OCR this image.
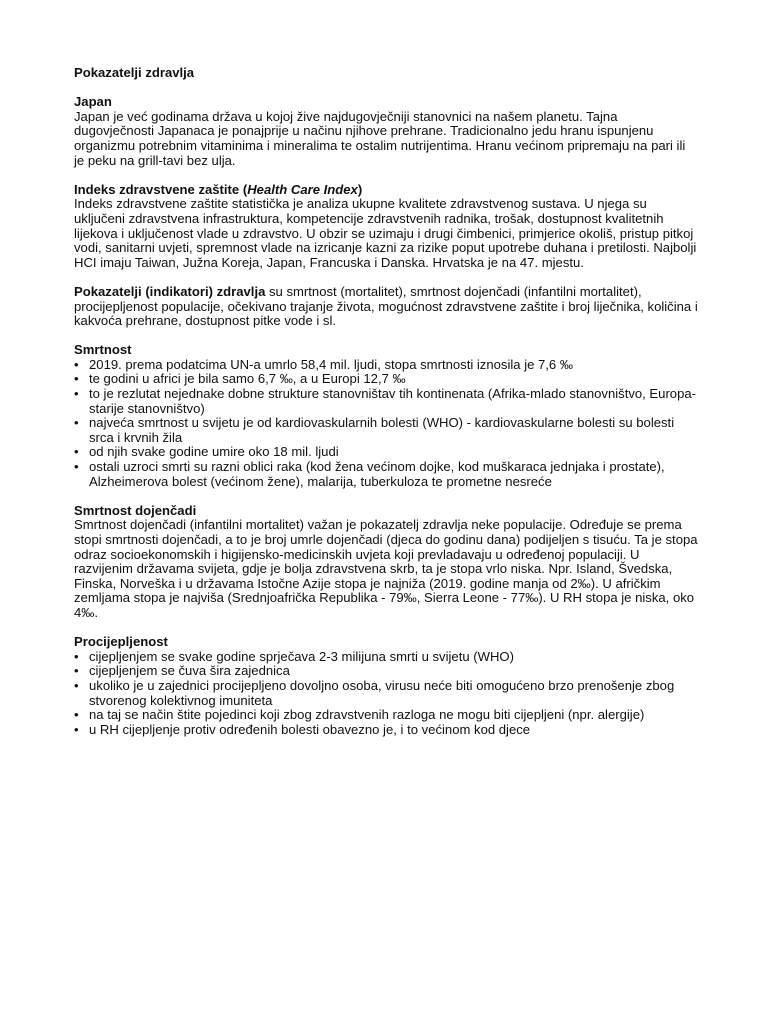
Pokazatelji zdravlja
Japan
Japan je već godinama država u kojoj žive najdugovječniji stanovnici na našem planetu. Tajna dugovječnosti Japanaca je ponajprije u načinu njihove prehrane. Tradicionalno jedu hranu ispunjenu organizmu potrebnim vitaminima i mineralima te ostalim nutrijentima. Hranu većinom pripremaju na pari ili je peku na grill-tavi bez ulja.
Indeks zdravstvene zaštite (Health Care Index)
Indeks zdravstvene zaštite statistička je analiza ukupne kvalitete zdravstvenog sustava. U njega su uključeni zdravstvena infrastruktura, kompetencije zdravstvenih radnika, trošak, dostupnost kvalitetnih lijekova i uključenost vlade u zdravstvo. U obzir se uzimaju i drugi čimbenici, primjerice okoliš, pristup pitkoj vodi, sanitarni uvjeti, spremnost vlade na izricanje kazni za rizike poput upotrebe duhana i pretilosti. Najbolji HCI imaju Taiwan, Južna Koreja, Japan, Francuska i Danska. Hrvatska je na 47. mjestu.
Pokazatelji (indikatori) zdravlja su smrtnost (mortalitet), smrtnost dojenčadi (infantilni mortalitet), procijepljenost populacije, očekivano trajanje života, mogućnost zdravstvene zaštite i broj liječnika, količina i kakvoća prehrane, dostupnost pitke vode i sl.
Smrtnost
• 2019. prema podatcima UN-a umrlo 58,4 mil. ljudi, stopa smrtnosti iznosila je 7,6 ‰
• te godini u africi je bila samo 6,7 ‰, a u Europi 12,7 ‰
• to je rezlutat nejednake dobne strukture stanovništav tih kontinenata (Afrika-mlado stanovništvo, Europa-starije stanovništvo)
• najveća smrtnost u svijetu je od kardiovaskularnih bolesti (WHO) - kardiovaskularne bolesti su bolesti srca i krvnih žila
• od njih svake godine umire oko 18 mil. ljudi
• ostali uzroci smrti su razni oblici raka (kod žena većinom dojke, kod muškaraca jednjaka i prostate), Alzheimerova bolest (većinom žene), malarija, tuberkuloza te prometne nesreće
Smrtnost dojenčadi
Smrtnost dojenčadi (infantilni mortalitet) važan je pokazatelj zdravlja neke populacije. Određuje se prema stopi smrtnosti dojenčadi, a to je broj umrle dojenčadi (djeca do godinu dana) podijeljen s tisuću. Ta je stopa odraz socioekonomskih i higijensko-medicinskih uvjeta koji prevladavaju u određenoj populaciji. U razvijenim državama svijeta, gdje je bolja zdravstvena skrb, ta je stopa vrlo niska. Npr. Island, Švedska, Finska, Norveška i u državama Istočne Azije stopa je najniža (2019. godine manja od 2‰). U afričkim zemljama stopa je najviša (Srednjoafrička Republika - 79‰, Sierra Leone - 77‰). U RH stopa je niska, oko 4‰.
Procijepljenost
• cijepljenjem se svake godine sprječava 2-3 milijuna smrti u svijetu (WHO)
• cijepljenjem se čuva šira zajednica
• ukoliko je u zajednici procijepljeno dovoljno osoba, virusu neće biti omogućeno brzo prenošenje zbog stvorenog kolektivnog imuniteta
• na taj se način štite pojedinci koji zbog zdravstvenih razloga ne mogu biti cijepljeni (npr. alergije)
• u RH cijepljenje protiv određenih bolesti obavezno je, i to većinom kod djece
